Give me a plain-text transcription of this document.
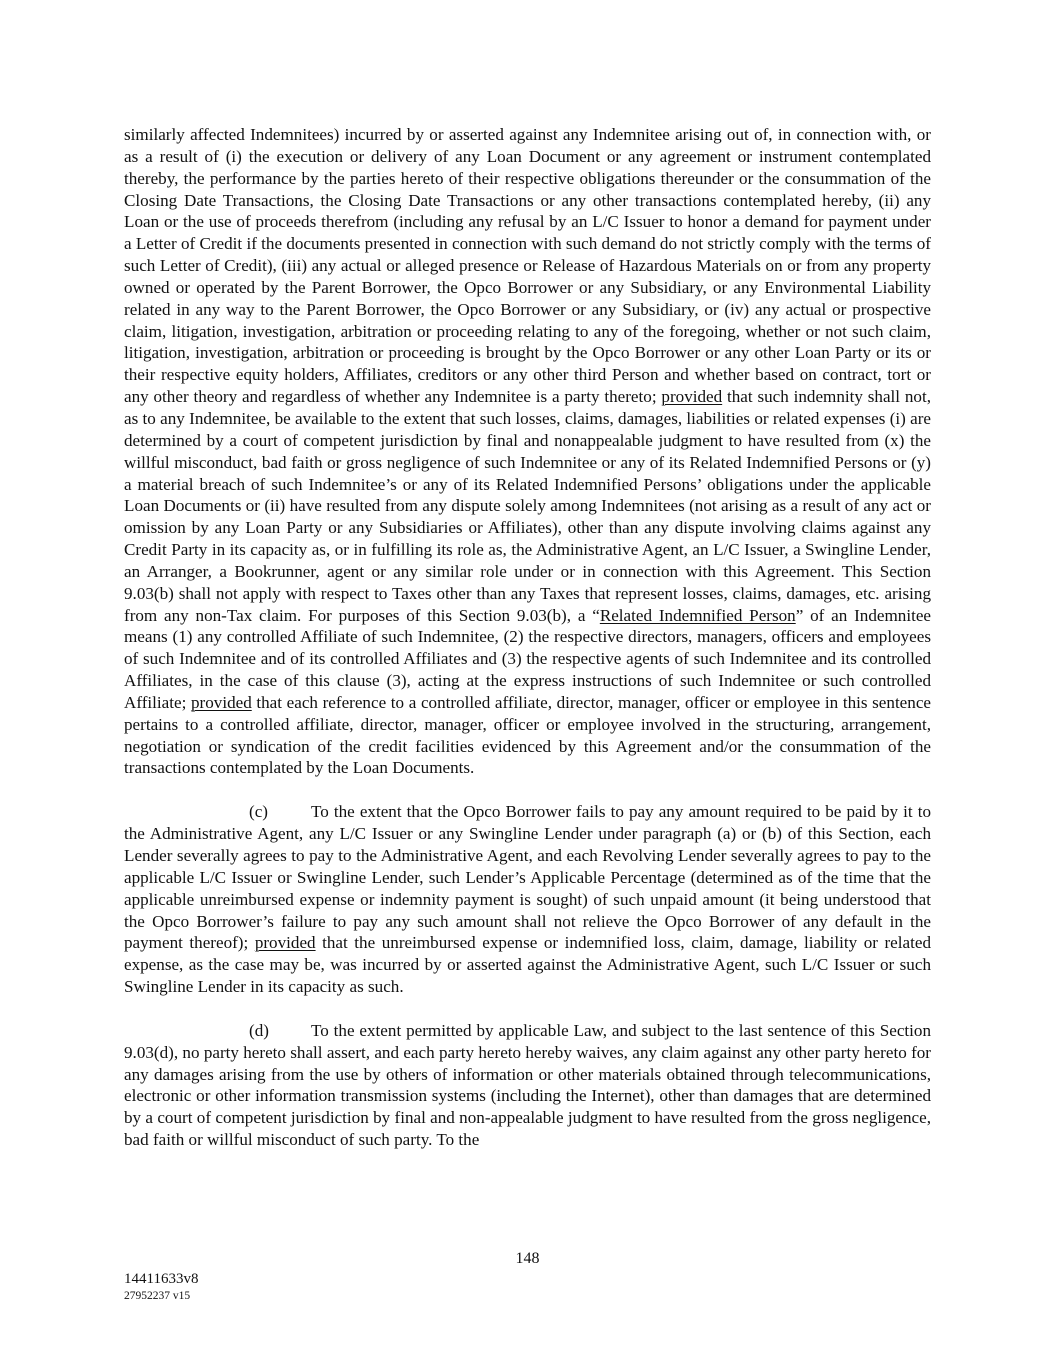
similarly affected Indemnitees) incurred by or asserted against any Indemnitee arising out of, in connection with, or as a result of (i) the execution or delivery of any Loan Document or any agreement or instrument contemplated thereby, the performance by the parties hereto of their respective obligations thereunder or the consummation of the Closing Date Transactions, the Closing Date Transactions or any other transactions contemplated hereby, (ii) any Loan or the use of proceeds therefrom (including any refusal by an L/C Issuer to honor a demand for payment under a Letter of Credit if the documents presented in connection with such demand do not strictly comply with the terms of such Letter of Credit), (iii) any actual or alleged presence or Release of Hazardous Materials on or from any property owned or operated by the Parent Borrower, the Opco Borrower or any Subsidiary, or any Environmental Liability related in any way to the Parent Borrower, the Opco Borrower or any Subsidiary, or (iv) any actual or prospective claim, litigation, investigation, arbitration or proceeding relating to any of the foregoing, whether or not such claim, litigation, investigation, arbitration or proceeding is brought by the Opco Borrower or any other Loan Party or its or their respective equity holders, Affiliates, creditors or any other third Person and whether based on contract, tort or any other theory and regardless of whether any Indemnitee is a party thereto; provided that such indemnity shall not, as to any Indemnitee, be available to the extent that such losses, claims, damages, liabilities or related expenses (i) are determined by a court of competent jurisdiction by final and nonappealable judgment to have resulted from (x) the willful misconduct, bad faith or gross negligence of such Indemnitee or any of its Related Indemnified Persons or (y) a material breach of such Indemnitee’s or any of its Related Indemnified Persons’ obligations under the applicable Loan Documents or (ii) have resulted from any dispute solely among Indemnitees (not arising as a result of any act or omission by any Loan Party or any Subsidiaries or Affiliates), other than any dispute involving claims against any Credit Party in its capacity as, or in fulfilling its role as, the Administrative Agent, an L/C Issuer, a Swingline Lender, an Arranger, a Bookrunner, agent or any similar role under or in connection with this Agreement. This Section 9.03(b) shall not apply with respect to Taxes other than any Taxes that represent losses, claims, damages, etc. arising from any non-Tax claim. For purposes of this Section 9.03(b), a “Related Indemnified Person” of an Indemnitee means (1) any controlled Affiliate of such Indemnitee, (2) the respective directors, managers, officers and employees of such Indemnitee and of its controlled Affiliates and (3) the respective agents of such Indemnitee and its controlled Affiliates, in the case of this clause (3), acting at the express instructions of such Indemnitee or such controlled Affiliate; provided that each reference to a controlled affiliate, director, manager, officer or employee in this sentence pertains to a controlled affiliate, director, manager, officer or employee involved in the structuring, arrangement, negotiation or syndication of the credit facilities evidenced by this Agreement and/or the consummation of the transactions contemplated by the Loan Documents.

(c)	To the extent that the Opco Borrower fails to pay any amount required to be paid by it to the Administrative Agent, any L/C Issuer or any Swingline Lender under paragraph (a) or (b) of this Section, each Lender severally agrees to pay to the Administrative Agent, and each Revolving Lender severally agrees to pay to the applicable L/C Issuer or Swingline Lender, such Lender’s Applicable Percentage (determined as of the time that the applicable unreimbursed expense or indemnity payment is sought) of such unpaid amount (it being understood that the Opco Borrower’s failure to pay any such amount shall not relieve the Opco Borrower of any default in the payment thereof); provided that the unreimbursed expense or indemnified loss, claim, damage, liability or related expense, as the case may be, was incurred by or asserted against the Administrative Agent, such L/C Issuer or such Swingline Lender in its capacity as such.

(d) To the extent permitted by applicable Law, and subject to the last sentence of this Section 9.03(d), no party hereto shall assert, and each party hereto hereby waives, any claim against any other party hereto for any damages arising from the use by others of information or other materials obtained through telecommunications, electronic or other information transmission systems (including the Internet), other than damages that are determined by a court of competent jurisdiction by final and non-appealable judgment to have resulted from the gross negligence, bad faith or willful misconduct of such party. To the

148
14411633v8
27952237 v15
